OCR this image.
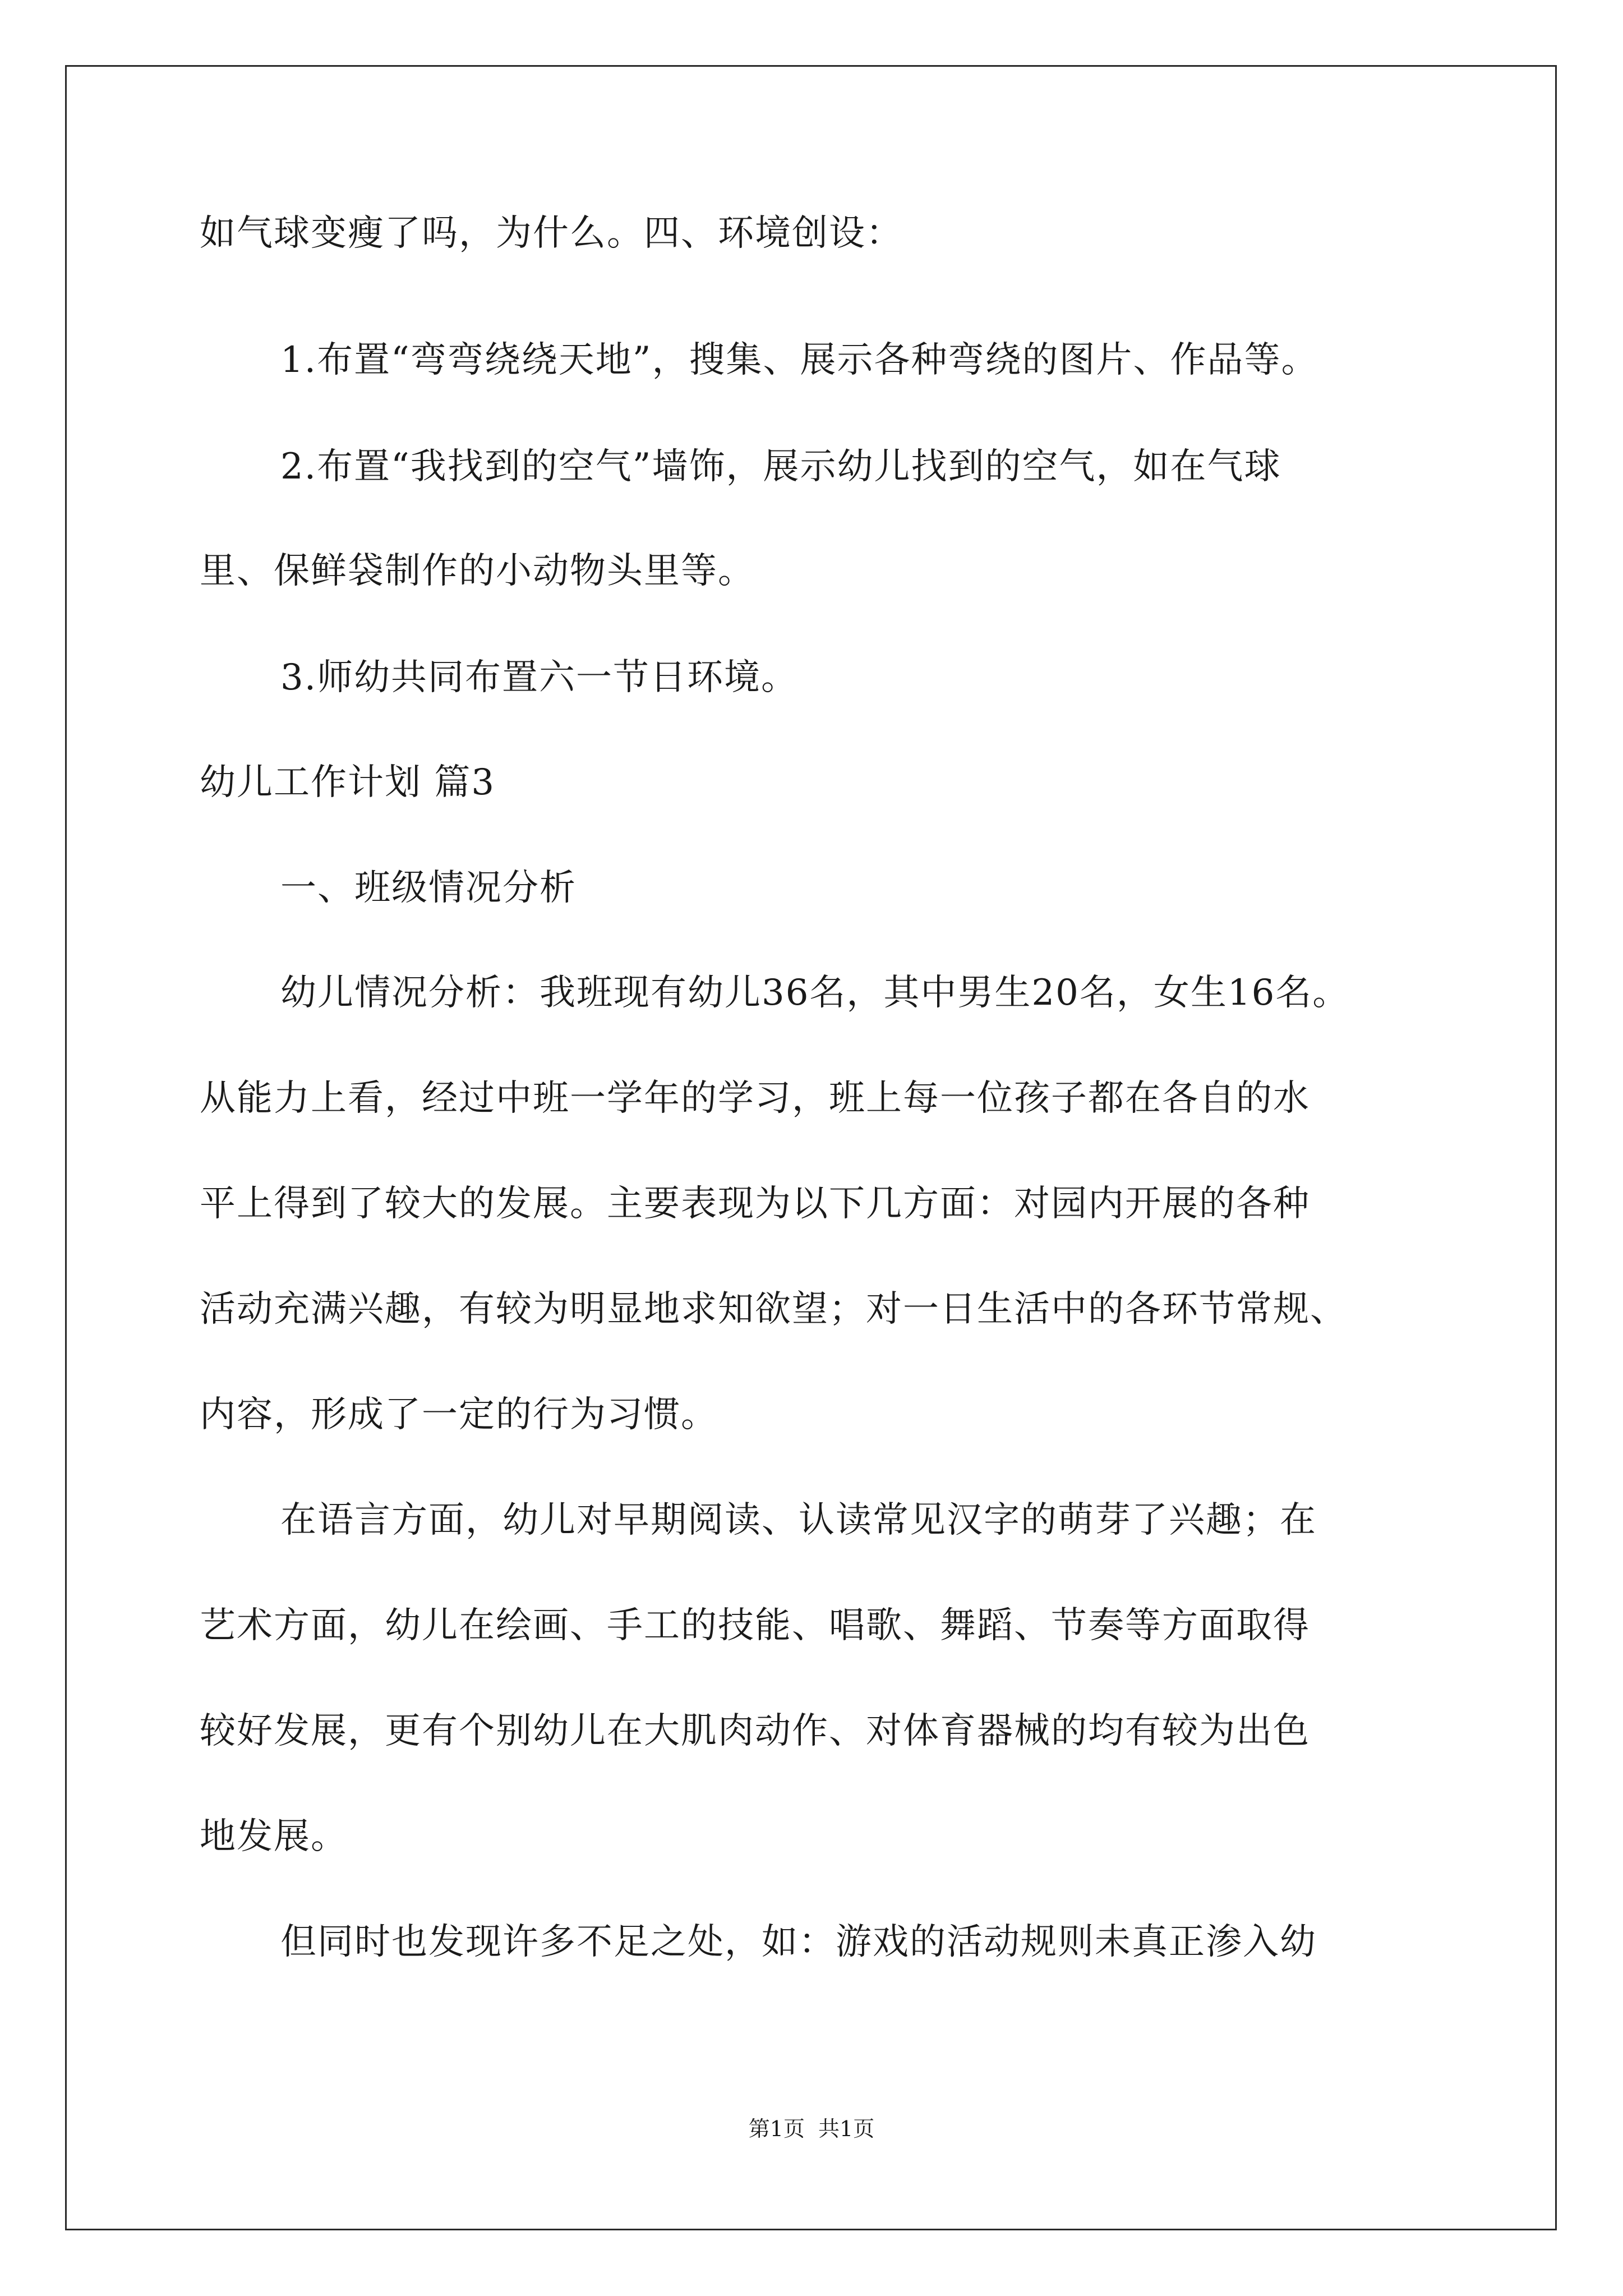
如气球变瘦了吗，为什么。四、环境创设：
1.布置“弯弯绕绕天地”，搜集、展示各种弯绕的图片、作品等。
2.布置“我找到的空气”墙饰，展示幼儿找到的空气，如在气球
里、保鲜袋制作的小动物头里等。
3.师幼共同布置六一节日环境。
幼儿工作计划 篇3
一、班级情况分析
幼儿情况分析：我班现有幼儿36名，其中男生20名，女生16名。
从能力上看，经过中班一学年的学习，班上每一位孩子都在各自的水
平上得到了较大的发展。主要表现为以下几方面：对园内开展的各种
活动充满兴趣，有较为明显地求知欲望；对一日生活中的各环节常规、
内容，形成了一定的行为习惯。
在语言方面，幼儿对早期阅读、认读常见汉字的萌芽了兴趣；在
艺术方面，幼儿在绘画、手工的技能、唱歌、舞蹈、节奏等方面取得
较好发展，更有个别幼儿在大肌肉动作、对体育器械的均有较为出色
地发展。
但同时也发现许多不足之处，如：游戏的活动规则未真正渗入幼
第1页 共1页
